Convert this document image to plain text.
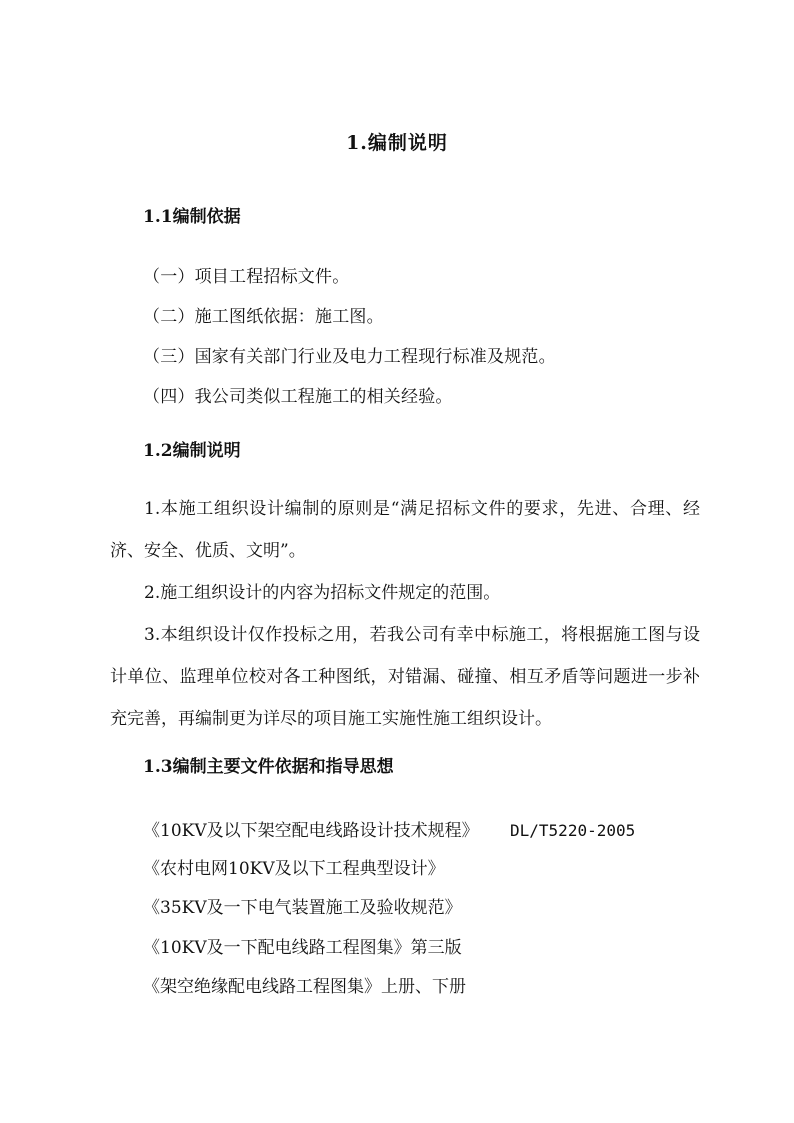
1.编制说明
1.1编制依据
（一）项目工程招标文件。
（二）施工图纸依据：施工图。
（三）国家有关部门行业及电力工程现行标准及规范。
（四）我公司类似工程施工的相关经验。
1.2编制说明

1.本施工组织设计编制的原则是“满足招标文件的要求，先进、合理、经济、安全、优质、文明”。

2.施工组织设计的内容为招标文件规定的范围。

3.本组织设计仅作投标之用，若我公司有幸中标施工，将根据施工图与设计单位、监理单位校对各工种图纸，对错漏、碰撞、相互矛盾等问题进一步补充完善，再编制更为详尽的项目施工实施性施工组织设计。

1.3编制主要文件依据和指导思想
《10KV及以下架空配电线路设计技术规程》 DL/T5220-2005
《农村电网10KV及以下工程典型设计》
《35KV及一下电气装置施工及验收规范》
《10KV及一下配电线路工程图集》第三版
《架空绝缘配电线路工程图集》上册、下册
